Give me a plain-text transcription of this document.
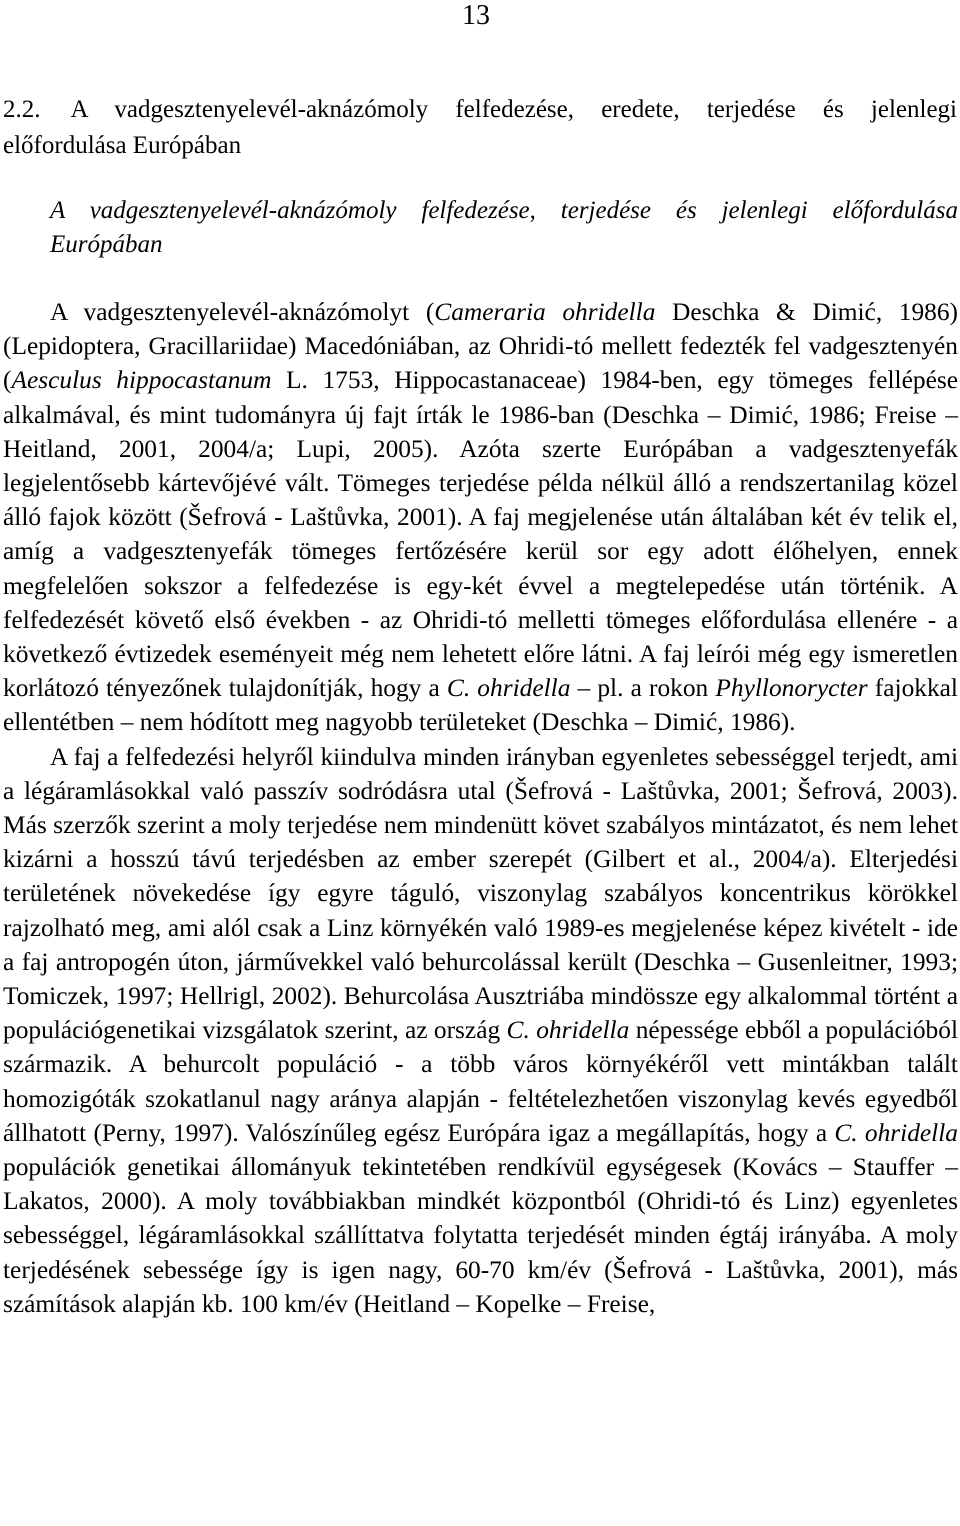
13
2.2. A vadgesztenyelevél-aknázómoly felfedezése, eredete, terjedése és jelenlegi előfordulása Európában
A vadgesztenyelevél-aknázómoly felfedezése, terjedése és jelenlegi előfordulása Európában

A vadgesztenyelevél-aknázómolyt (Cameraria ohridella Deschka & Dimić, 1986) (Lepidoptera, Gracillariidae) Macedóniában, az Ohridi-tó mellett fedezték fel vadgesztenyén (Aesculus hippocastanum L. 1753, Hippocastanaceae) 1984-ben, egy tömeges fellépése alkalmával, és mint tudományra új fajt írták le 1986-ban (Deschka – Dimić, 1986; Freise – Heitland, 2001, 2004/a; Lupi, 2005). Azóta szerte Európában a vadgesztenyefák legjelentősebb kártevőjévé vált. Tömeges terjedése példa nélkül álló a rendszertanilag közel álló fajok között (Šefrová - Laštůvka, 2001). A faj megjelenése után általában két év telik el, amíg a vadgesztenyefák tömeges fertőzésére kerül sor egy adott élőhelyen, ennek megfelelően sokszor a felfedezése is egy-két évvel a megtelepedése után történik. A felfedezését követő első években - az Ohridi-tó melletti tömeges előfordulása ellenére - a következő évtizedek eseményeit még nem lehetett előre látni. A faj leírói még egy ismeretlen korlátozó tényezőnek tulajdonítják, hogy a C. ohridella – pl. a rokon Phyllonorycter fajokkal ellentétben – nem hódított meg nagyobb területeket (Deschka – Dimić, 1986).

A faj a felfedezési helyről kiindulva minden irányban egyenletes sebességgel terjedt, ami a légáramlásokkal való passzív sodródásra utal (Šefrová - Laštůvka, 2001; Šefrová, 2003). Más szerzők szerint a moly terjedése nem mindenütt követ szabályos mintázatot, és nem lehet kizárni a hosszú távú terjedésben az ember szerepét (Gilbert et al., 2004/a). Elterjedési területének növekedése így egyre táguló, viszonylag szabályos koncentrikus körökkel rajzolható meg, ami alól csak a Linz környékén való 1989-es megjelenése képez kivételt - ide a faj antropogén úton, járművekkel való behurcolással került (Deschka – Gusenleitner, 1993; Tomiczek, 1997; Hellrigl, 2002). Behurcolása Ausztriába mindössze egy alkalommal történt a populációgenetikai vizsgálatok szerint, az ország C. ohridella népessége ebből a populációból származik. A behurcolt populáció - a több város környékéről vett mintákban talált homozigóták szokatlanul nagy aránya alapján - feltételezhetően viszonylag kevés egyedből állhatott (Perny, 1997). Valószínűleg egész Európára igaz a megállapítás, hogy a C. ohridella populációk genetikai állományuk tekintetében rendkívül egységesek (Kovács – Stauffer – Lakatos, 2000). A moly továbbiakban mindkét központból (Ohridi-tó és Linz) egyenletes sebességgel, légáramlásokkal szállíttatva folytatta terjedését minden égtáj irányába. A moly terjedésének sebessége így is igen nagy, 60-70 km/év (Šefrová - Laštůvka, 2001), más számítások alapján kb. 100 km/év (Heitland – Kopelke – Freise,
